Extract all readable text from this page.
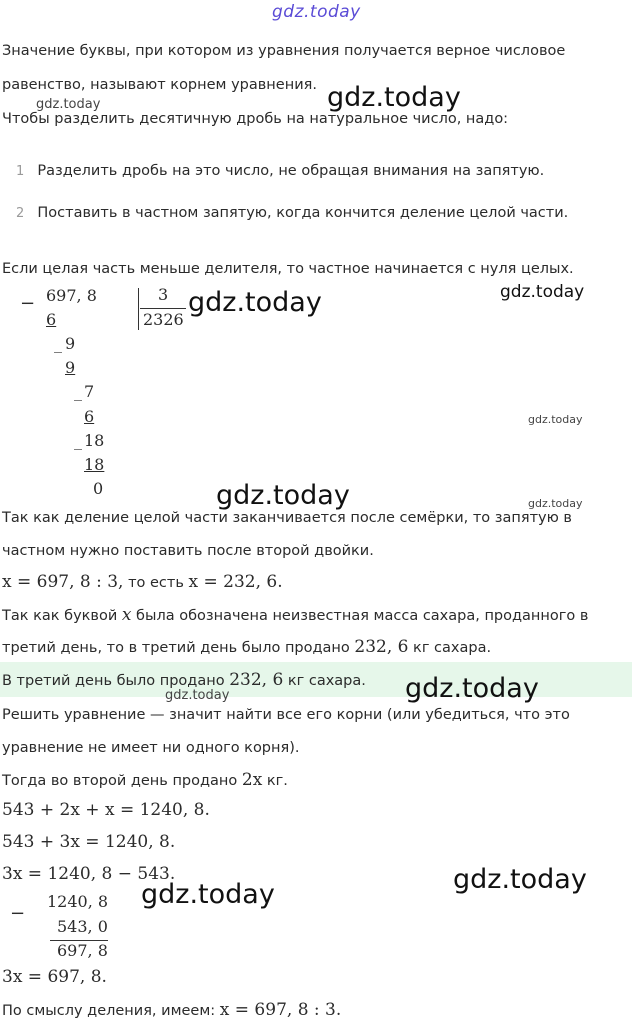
gdz.today
Значение буквы, при котором из уравнения получается верное числовое
равенство, называют корнем уравнения.
Чтобы разделить десятичную дробь на натуральное число, надо:
1 Разделить дробь на это число, не обращая внимания на запятую.
2 Поставить в частном запятую, когда кончится деление целой части.
Если целая часть меньше делителя, то частное начинается с нуля целых.
− 697, 8	3
2326
6
_ 9
9
_ 7
6
_ 18
18
0
Так как деление целой части заканчивается после семёрки, то запятую в
частном нужно поставить после второй двойки.
x = 697, 8 : 3, то есть x = 232, 6.
Так как буквой x была обозначена неизвестная масса сахара, проданного в
третий день, то в третий день было продано 232, 6 кг сахара.
В третий день было продано 232, 6 кг сахара.
Решить уравнение — значит найти все его корни (или убедиться, что это
уравнение не имеет ни одного корня).
Тогда во второй день продано 2x кг.
543 + 2x + x = 1240, 8.
543 + 3x = 1240, 8.
3x = 1240, 8 − 543.
−
1240, 8
543, 0
697, 8
3x = 697, 8.
По смыслу деления, имеем: x = 697, 8 : 3.
gdz.today
gdz.today
gdz.today	gdz.today
gdz.today
gdz.today	gdz.today
gdz.today
gdz.today
gdz.today
gdz.today
